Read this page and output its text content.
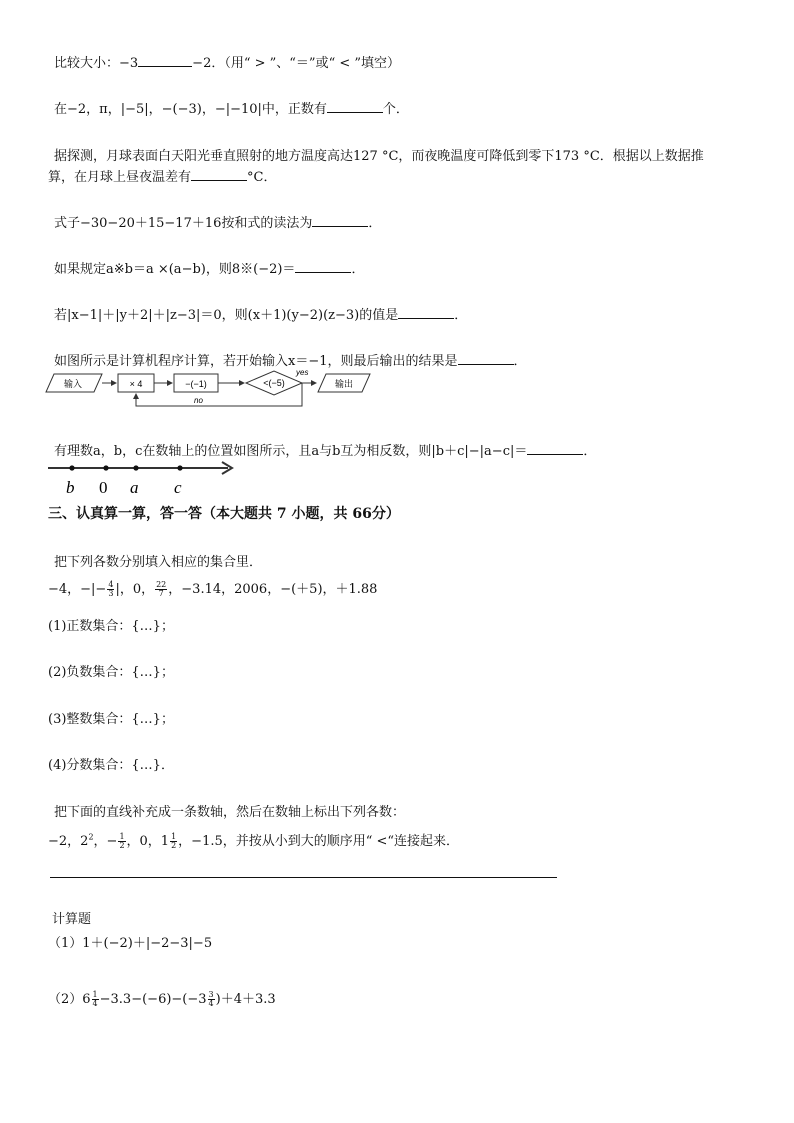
比较大小：−3	−2．（用“ > ”、“＝”或“ < ”填空）
在−2，π，|−5|，−(−3)，−|−10|中，正数有	个．
据探测，月球表面白天阳光垂直照射的地方温度高达127 °C，而夜晚温度可降低到零下173 °C．根据以上数据推
算，在月球上昼夜温差有	°C．
式子−30−20＋15−17＋16按和式的读法为	．
如果规定a※b＝a ×(a−b)，则8※(−2)＝	．
若|x−1|＋|y＋2|＋|z−3|＝0，则(x＋1)(y−2)(z−3)的值是	．
如图所示是计算机程序计算，若开始输入x＝−1，则最后输出的结果是	．
输入	× 4	−(−1)	<(−5)
yes
输出
no
有理数a，b，c在数轴上的位置如图所示，且a与b互为相反数，则|b＋c|−|a−c|＝	．
b 0 a c
三、认真算一算，答一答（本大题共 7 小题，共 66分）
把下列各数分别填入相应的集合里．
−4，−|− $\frac{4}{3}$ |，0， $\frac{22}{7}$ ，−3.14，2006，−(＋5)，＋1.88
(1)正数集合：{…}；
(2)负数集合：{…}；
(3)整数集合：{…}；
(4)分数集合：{…}．
把下面的直线补充成一条数轴，然后在数轴上标出下列各数：
−2，$2^2$，− $\frac{1}{2}$ ，0，$1 \frac{1}{2}$ ，−1.5，并按从小到大的顺序用“ <“连接起来．
计算题
（1）1＋(−2)＋|−2−3|−5
$(2)6 \frac{1}{4} -3.3-(-6)-(-3 \frac{3}{4} )+4+3.3$
